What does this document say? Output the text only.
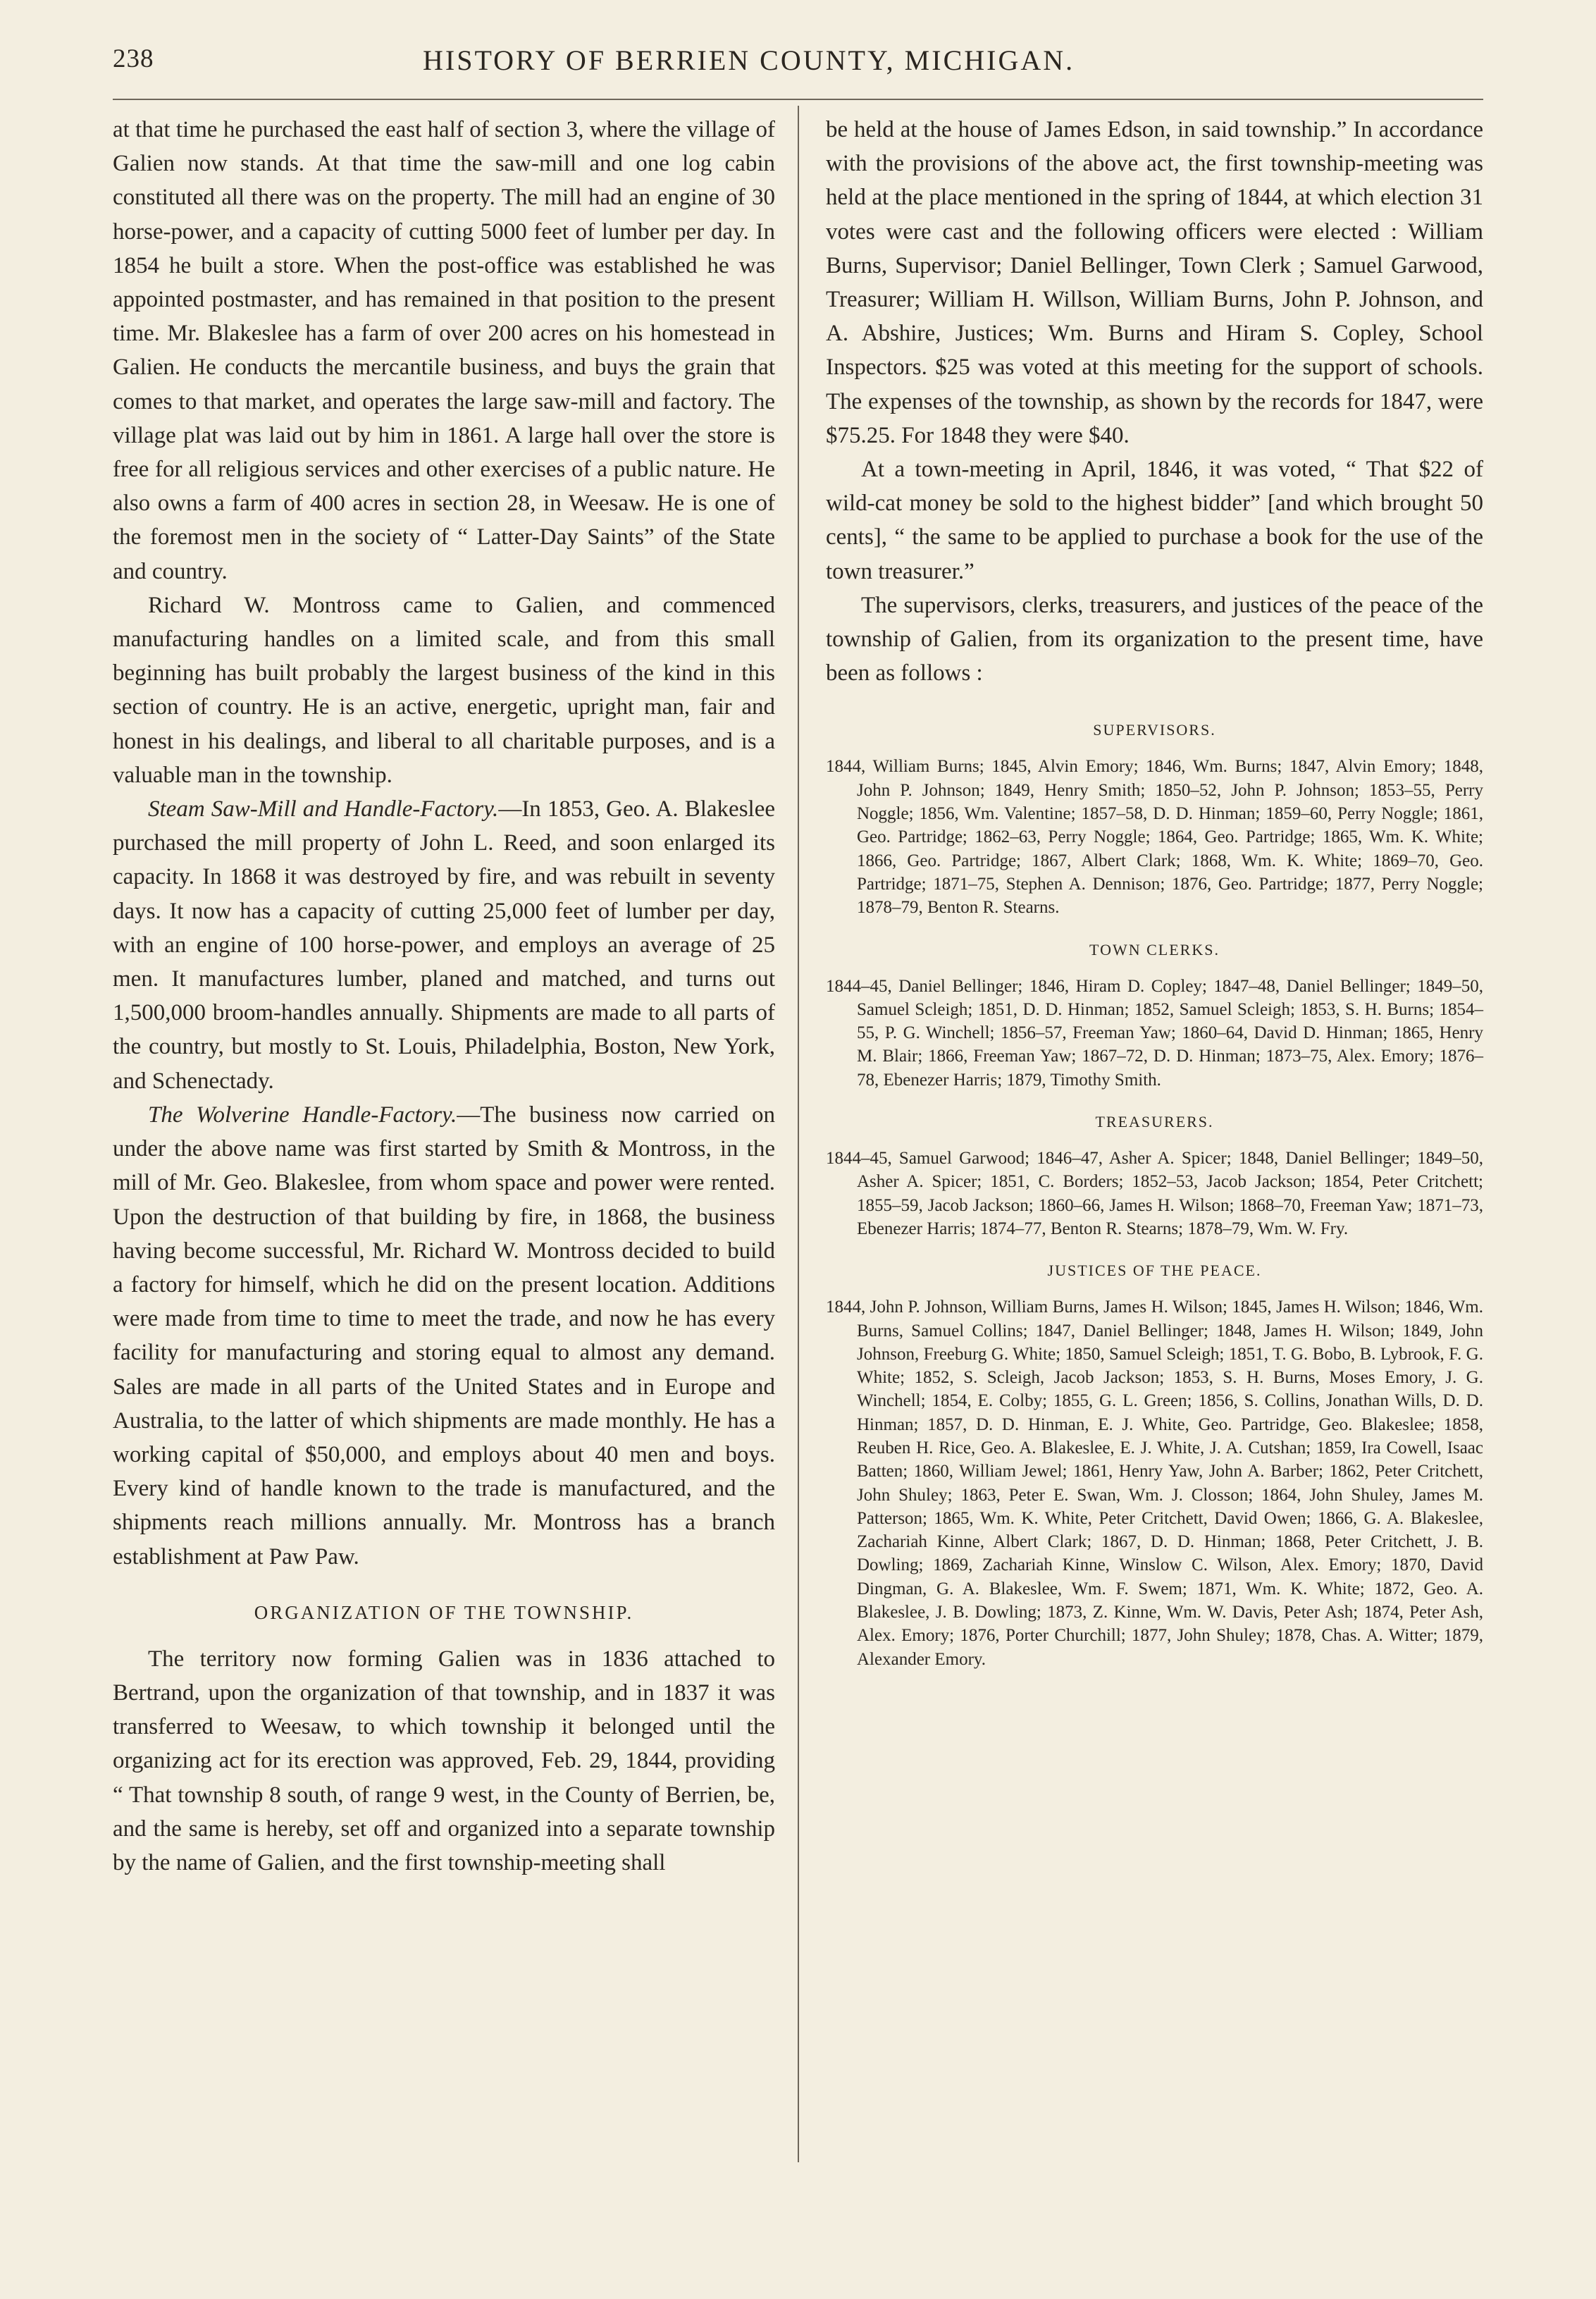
238	HISTORY OF BERRIEN COUNTY, MICHIGAN.

at that time he purchased the east half of section 3, where the village of Galien now stands. At that time the saw-mill and one log cabin constituted all there was on the property. The mill had an engine of 30 horse-power, and a capacity of cutting 5000 feet of lumber per day. In 1854 he built a store. When the post-office was established he was appointed postmaster, and has remained in that position to the present time. Mr. Blakeslee has a farm of over 200 acres on his homestead in Galien. He conducts the mercantile business, and buys the grain that comes to that market, and operates the large saw-mill and factory. The village plat was laid out by him in 1861. A large hall over the store is free for all religious services and other exercises of a public nature. He also owns a farm of 400 acres in section 28, in Weesaw. He is one of the foremost men in the society of “ Latter-Day Saints” of the State and country.

Richard W. Montross came to Galien, and commenced manufacturing handles on a limited scale, and from this small beginning has built probably the largest business of the kind in this section of country. He is an active, energetic, upright man, fair and honest in his dealings, and liberal to all charitable purposes, and is a valuable man in the township.

Steam Saw-Mill and Handle-Factory.—In 1853, Geo. A. Blakeslee purchased the mill property of John L. Reed, and soon enlarged its capacity. In 1868 it was destroyed by fire, and was rebuilt in seventy days. It now has a capacity of cutting 25,000 feet of lumber per day, with an engine of 100 horse-power, and employs an average of 25 men. It manufactures lumber, planed and matched, and turns out 1,500,000 broom-handles annually. Shipments are made to all parts of the country, but mostly to St. Louis, Philadelphia, Boston, New York, and Schenectady.

The Wolverine Handle-Factory.—The business now carried on under the above name was first started by Smith & Montross, in the mill of Mr. Geo. Blakeslee, from whom space and power were rented. Upon the destruction of that building by fire, in 1868, the business having become successful, Mr. Richard W. Montross decided to build a factory for himself, which he did on the present location. Additions were made from time to time to meet the trade, and now he has every facility for manufacturing and storing equal to almost any demand. Sales are made in all parts of the United States and in Europe and Australia, to the latter of which shipments are made monthly. He has a working capital of $50,000, and employs about 40 men and boys. Every kind of handle known to the trade is manufactured, and the shipments reach millions annually. Mr. Montross has a branch establishment at Paw Paw.

ORGANIZATION OF THE TOWNSHIP.

The territory now forming Galien was in 1836 attached to Bertrand, upon the organization of that township, and in 1837 it was transferred to Weesaw, to which township it belonged until the organizing act for its erection was approved, Feb. 29, 1844, providing “ That township 8 south, of range 9 west, in the County of Berrien, be, and the same is hereby, set off and organized into a separate township by the name of Galien, and the first township-meeting shall

be held at the house of James Edson, in said township.” In accordance with the provisions of the above act, the first township-meeting was held at the place mentioned in the spring of 1844, at which election 31 votes were cast and the following officers were elected : William Burns, Supervisor; Daniel Bellinger, Town Clerk ; Samuel Garwood, Treasurer; William H. Willson, William Burns, John P. Johnson, and A. Abshire, Justices; Wm. Burns and Hiram S. Copley, School Inspectors. $25 was voted at this meeting for the support of schools. The expenses of the township, as shown by the records for 1847, were $75.25. For 1848 they were $40.

At a town-meeting in April, 1846, it was voted, “ That $22 of wild-cat money be sold to the highest bidder” [and which brought 50 cents], “ the same to be applied to purchase a book for the use of the town treasurer.”

The supervisors, clerks, treasurers, and justices of the peace of the township of Galien, from its organization to the present time, have been as follows :

SUPERVISORS.

1844, William Burns; 1845, Alvin Emory; 1846, Wm. Burns; 1847, Alvin Emory; 1848, John P. Johnson; 1849, Henry Smith; 1850–52, John P. Johnson; 1853–55, Perry Noggle; 1856, Wm. Valentine; 1857–58, D. D. Hinman; 1859–60, Perry Noggle; 1861, Geo. Partridge; 1862–63, Perry Noggle; 1864, Geo. Partridge; 1865, Wm. K. White; 1866, Geo. Partridge; 1867, Albert Clark; 1868, Wm. K. White; 1869–70, Geo. Partridge; 1871–75, Stephen A. Dennison; 1876, Geo. Partridge; 1877, Perry Noggle; 1878–79, Benton R. Stearns.

TOWN CLERKS.

1844–45, Daniel Bellinger; 1846, Hiram D. Copley; 1847–48, Daniel Bellinger; 1849–50, Samuel Scleigh; 1851, D. D. Hinman; 1852, Samuel Scleigh; 1853, S. H. Burns; 1854–55, P. G. Winchell; 1856–57, Freeman Yaw; 1860–64, David D. Hinman; 1865, Henry M. Blair; 1866, Freeman Yaw; 1867–72, D. D. Hinman; 1873–75, Alex. Emory; 1876–78, Ebenezer Harris; 1879, Timothy Smith.

TREASURERS.

1844–45, Samuel Garwood; 1846–47, Asher A. Spicer; 1848, Daniel Bellinger; 1849–50, Asher A. Spicer; 1851, C. Borders; 1852–53, Jacob Jackson; 1854, Peter Critchett; 1855–59, Jacob Jackson; 1860–66, James H. Wilson; 1868–70, Freeman Yaw; 1871–73, Ebenezer Harris; 1874–77, Benton R. Stearns; 1878–79, Wm. W. Fry.

JUSTICES OF THE PEACE.

1844, John P. Johnson, William Burns, James H. Wilson; 1845, James H. Wilson; 1846, Wm. Burns, Samuel Collins; 1847, Daniel Bellinger; 1848, James H. Wilson; 1849, John Johnson, Freeburg G. White; 1850, Samuel Scleigh; 1851, T. G. Bobo, B. Lybrook, F. G. White; 1852, S. Scleigh, Jacob Jackson; 1853, S. H. Burns, Moses Emory, J. G. Winchell; 1854, E. Colby; 1855, G. L. Green; 1856, S. Collins, Jonathan Wills, D. D. Hinman; 1857, D. D. Hinman, E. J. White, Geo. Partridge, Geo. Blakeslee; 1858, Reuben H. Rice, Geo. A. Blakeslee, E. J. White, J. A. Cutshan; 1859, Ira Cowell, Isaac Batten; 1860, William Jewel; 1861, Henry Yaw, John A. Barber; 1862, Peter Critchett, John Shuley; 1863, Peter E. Swan, Wm. J. Closson; 1864, John Shuley, James M. Patterson; 1865, Wm. K. White, Peter Critchett, David Owen; 1866, G. A. Blakeslee, Zachariah Kinne, Albert Clark; 1867, D. D. Hinman; 1868, Peter Critchett, J. B. Dowling; 1869, Zachariah Kinne, Winslow C. Wilson, Alex. Emory; 1870, David Dingman, G. A. Blakeslee, Wm. F. Swem; 1871, Wm. K. White; 1872, Geo. A. Blakeslee, J. B. Dowling; 1873, Z. Kinne, Wm. W. Davis, Peter Ash; 1874, Peter Ash, Alex. Emory; 1876, Porter Churchill; 1877, John Shuley; 1878, Chas. A. Witter; 1879, Alexander Emory.
